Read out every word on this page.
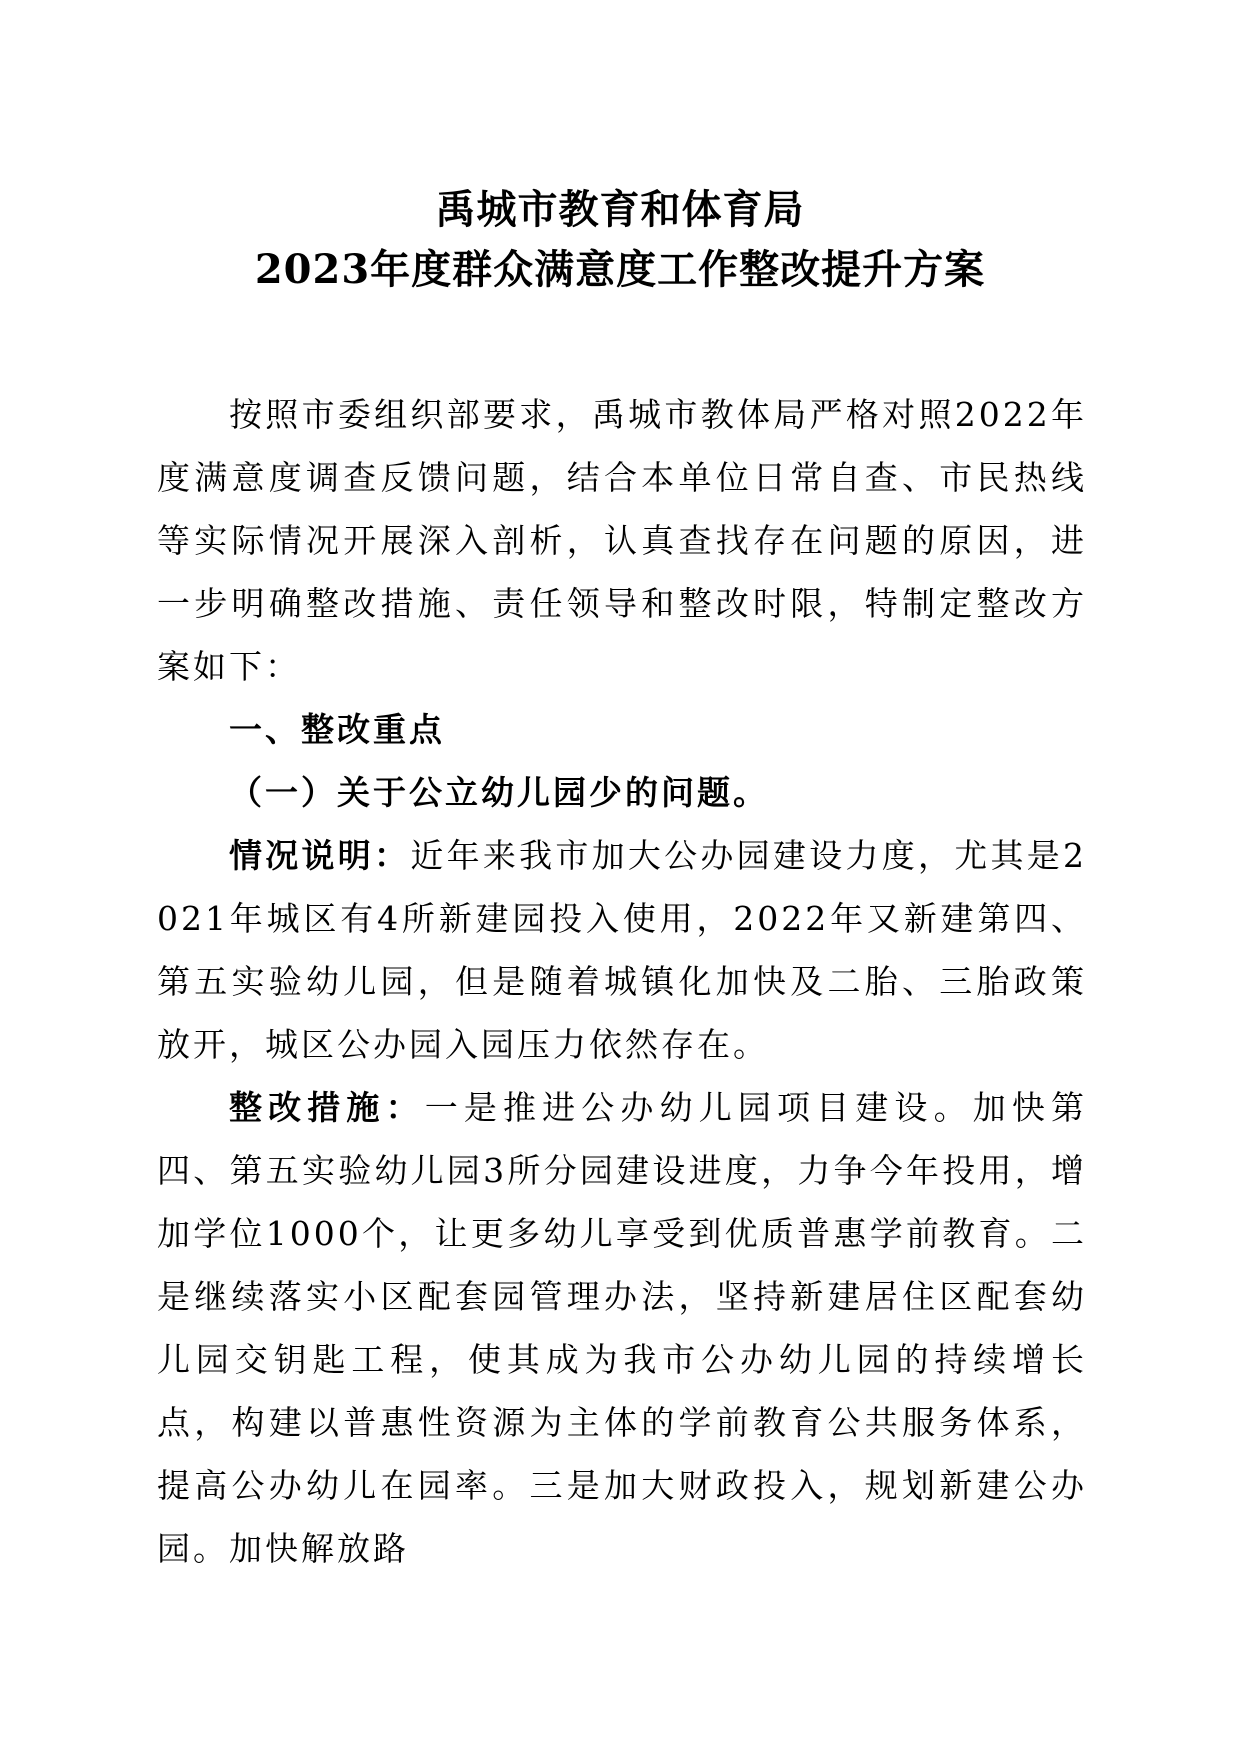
禹城市教育和体育局
2023年度群众满意度工作整改提升方案

按照市委组织部要求，禹城市教体局严格对照2022年度满意度调查反馈问题，结合本单位日常自查、市民热线等实际情况开展深入剖析，认真查找存在问题的原因，进一步明确整改措施、责任领导和整改时限，特制定整改方案如下：

一、整改重点

（一）关于公立幼儿园少的问题。

情况说明：近年来我市加大公办园建设力度，尤其是2021年城区有4所新建园投入使用，2022年又新建第四、第五实验幼儿园，但是随着城镇化加快及二胎、三胎政策放开，城区公办园入园压力依然存在。

整改措施：一是推进公办幼儿园项目建设。加快第四、第五实验幼儿园3所分园建设进度，力争今年投用，增加学位1000个，让更多幼儿享受到优质普惠学前教育。二是继续落实小区配套园管理办法，坚持新建居住区配套幼儿园交钥匙工程，使其成为我市公办幼儿园的持续增长点，构建以普惠性资源为主体的学前教育公共服务体系，提高公办幼儿在园率。三是加大财政投入，规划新建公办园。加快解放路
